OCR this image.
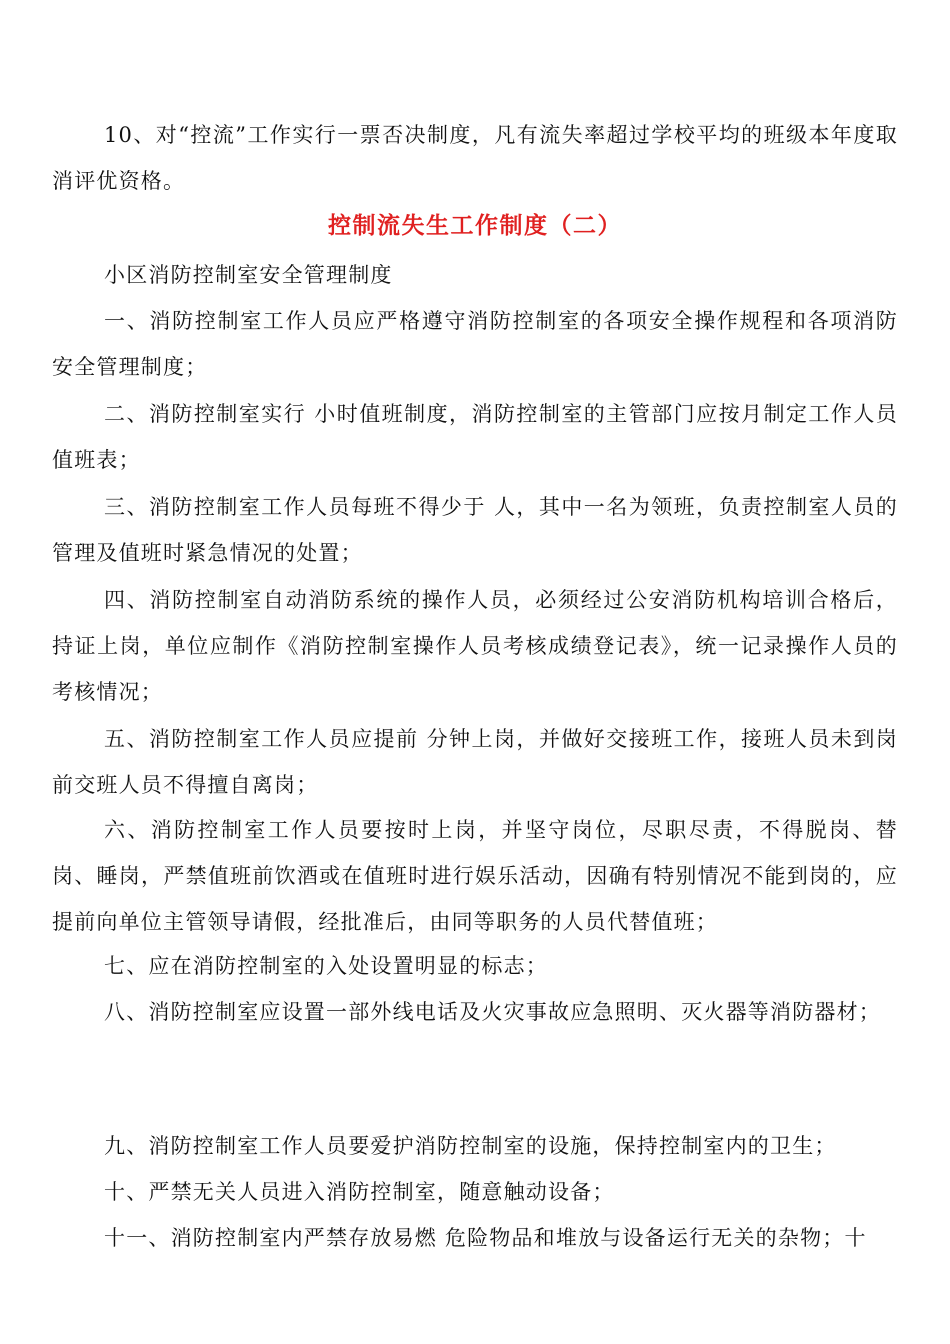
10、对“控流”工作实行一票否决制度，凡有流失率超过学校平均的班级本年度取消评优资格。

控制流失生工作制度（二）

小区消防控制室安全管理制度

一、消防控制室工作人员应严格遵守消防控制室的各项安全操作规程和各项消防安全管理制度；

二、消防控制室实行 小时值班制度，消防控制室的主管部门应按月制定工作人员值班表；

三、消防控制室工作人员每班不得少于 人，其中一名为领班，负责控制室人员的管理及值班时紧急情况的处置；

四、消防控制室自动消防系统的操作人员，必须经过公安消防机构培训合格后，持证上岗，单位应制作《消防控制室操作人员考核成绩登记表》，统一记录操作人员的考核情况；

五、消防控制室工作人员应提前 分钟上岗，并做好交接班工作，接班人员未到岗前交班人员不得擅自离岗；

六、消防控制室工作人员要按时上岗，并坚守岗位，尽职尽责，不得脱岗、替岗、睡岗，严禁值班前饮酒或在值班时进行娱乐活动，因确有特别情况不能到岗的，应提前向单位主管领导请假，经批准后，由同等职务的人员代替值班；

七、应在消防控制室的入处设置明显的标志；

八、消防控制室应设置一部外线电话及火灾事故应急照明、灭火器等消防器材；

九、消防控制室工作人员要爱护消防控制室的设施，保持控制室内的卫生；

十、严禁无关人员进入消防控制室，随意触动设备；

十一、消防控制室内严禁存放易燃 危险物品和堆放与设备运行无关的杂物；十
